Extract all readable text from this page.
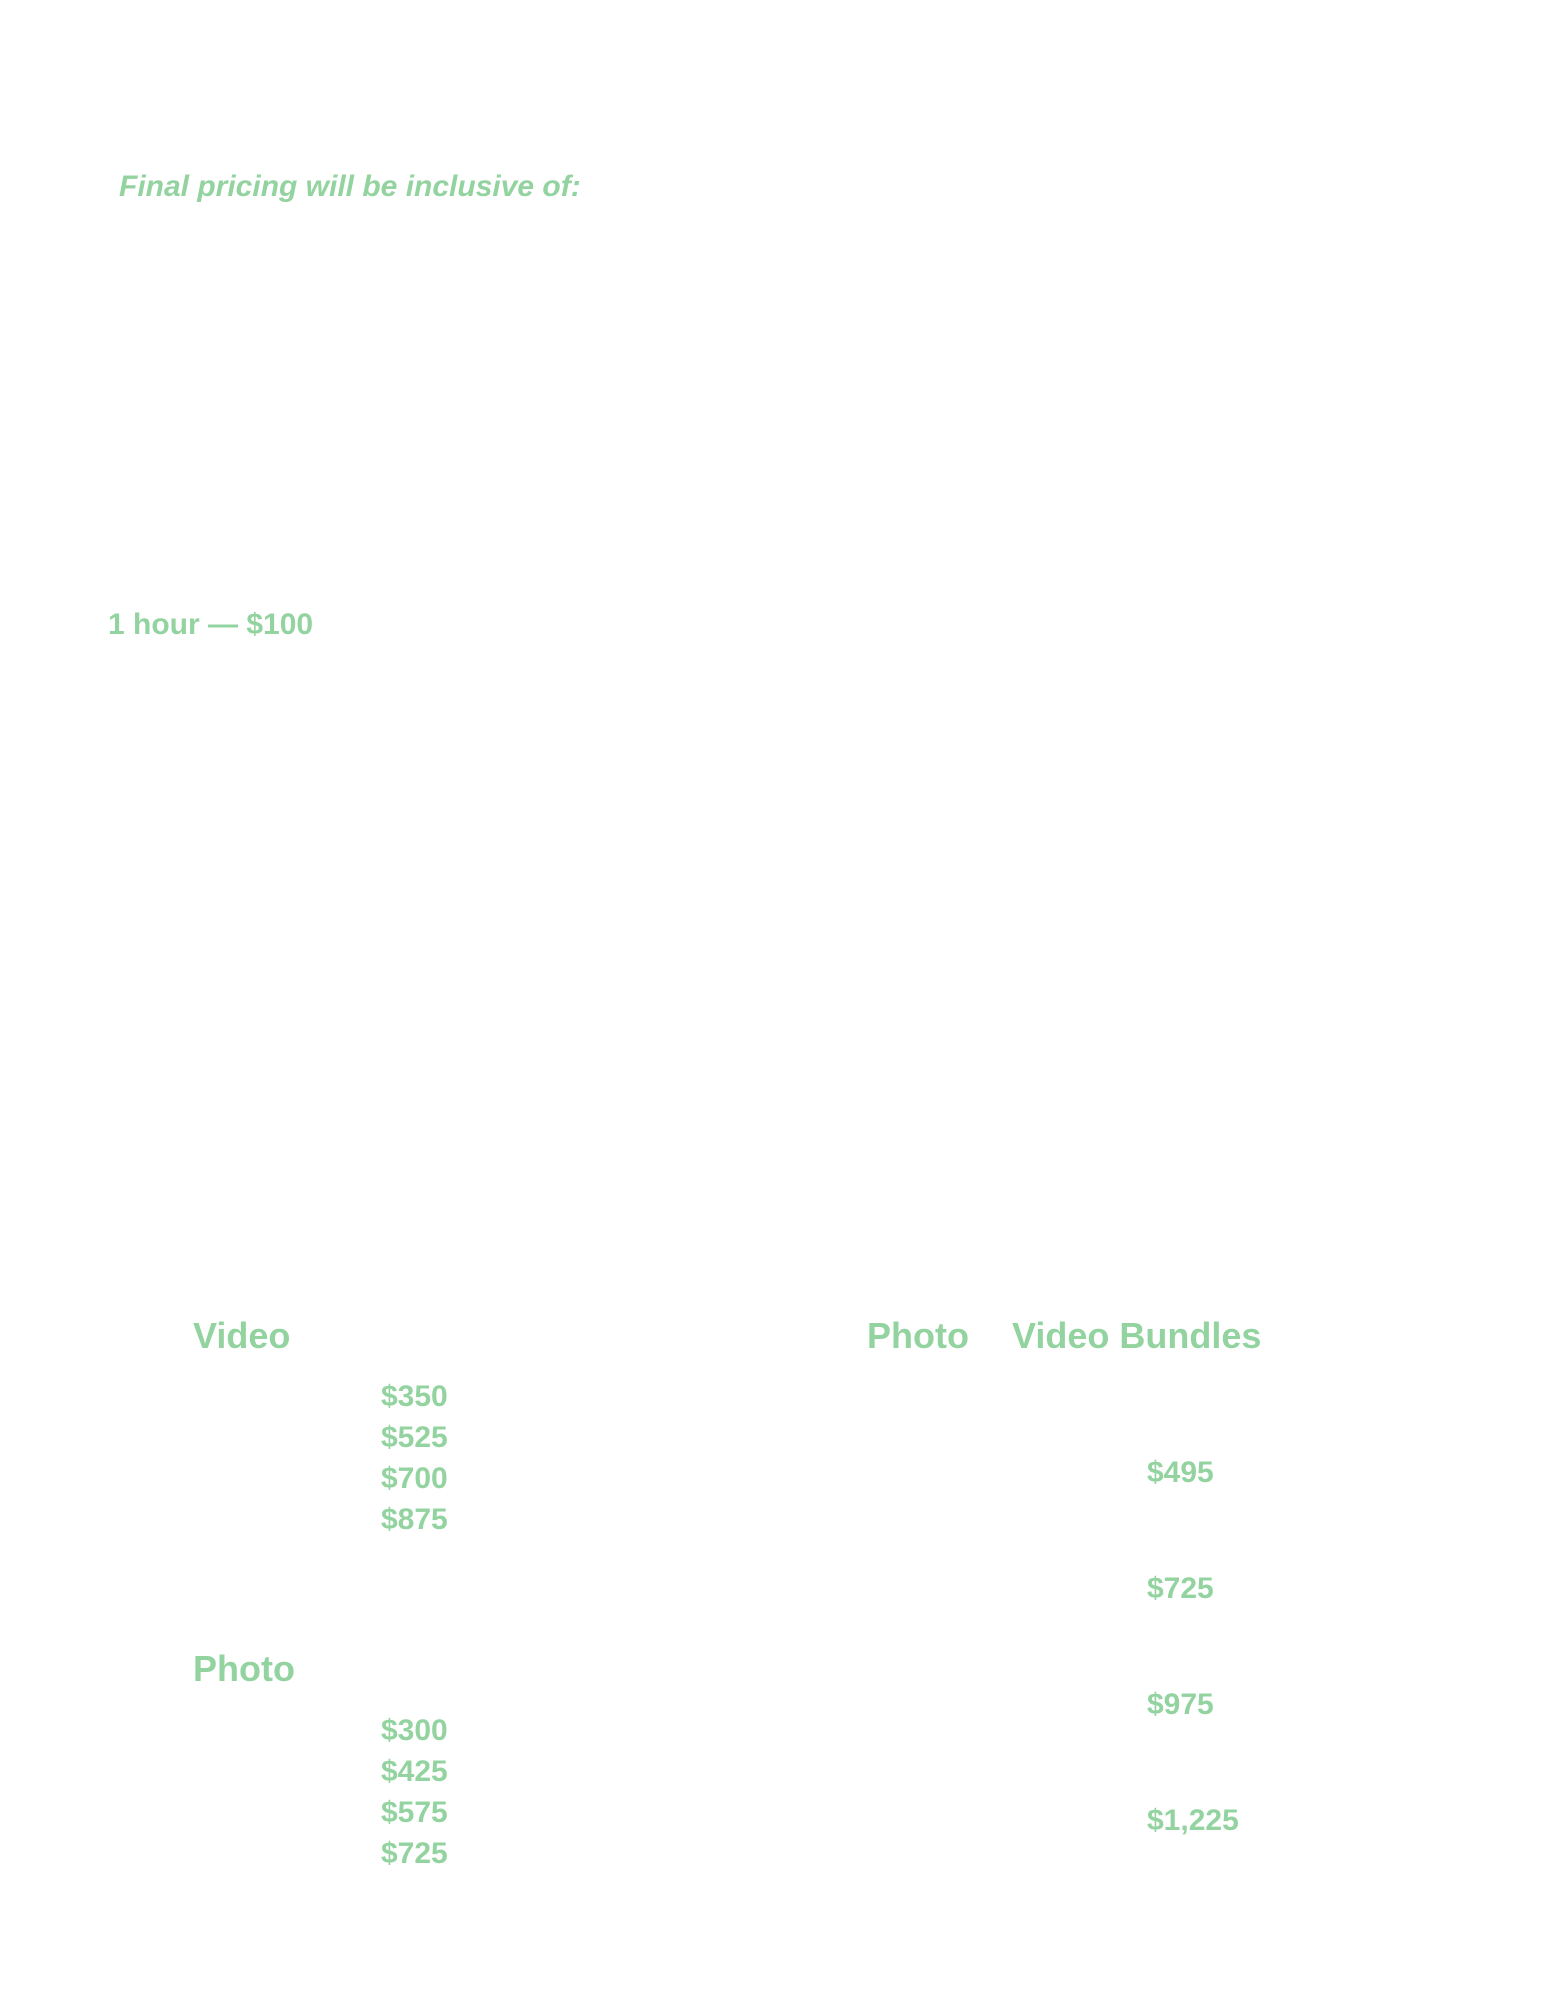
Final pricing will be inclusive of:
1 hour — $100
Video
$350
$525
$700
$875
Photo
$300
$425
$575
$725
Photo Video Bundles
$495
$725
$975
$1,225
